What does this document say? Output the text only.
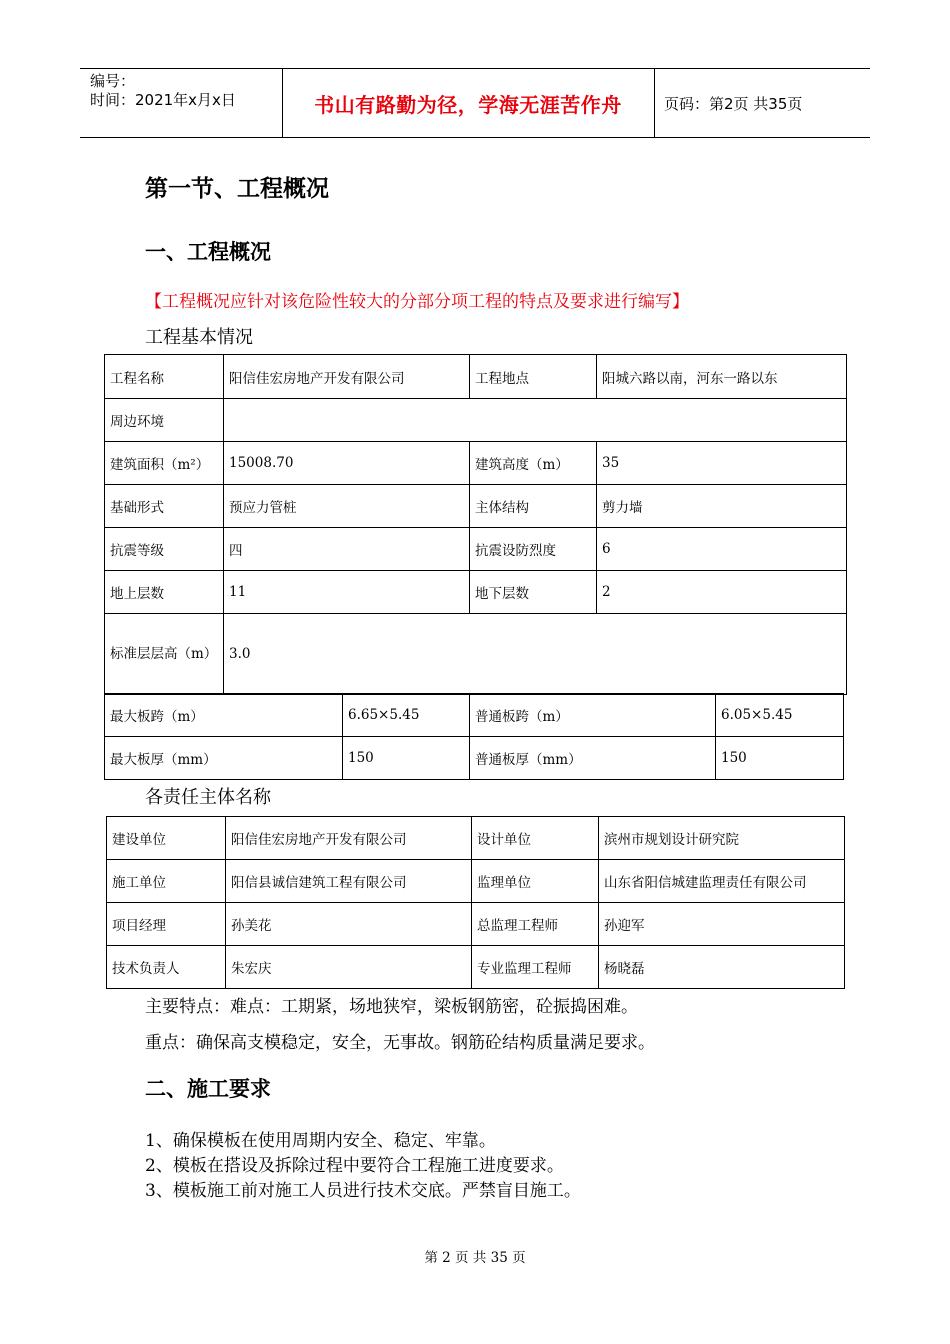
编号：
时间：2021年x月x日	书山有路勤为径，学海无涯苦作舟	页码：第2页 共35页
第一节、工程概况
一、工程概况
【工程概况应针对该危险性较大的分部分项工程的特点及要求进行编写】
工程基本情况
工程名称	阳信佳宏房地产开发有限公司	工程地点	阳城六路以南，河东一路以东
周边环境			
建筑面积（m²）	15008.70	建筑高度（m）	35
基础形式	预应力管桩	主体结构	剪力墙
抗震等级	四	抗震设防烈度	6
地上层数	11	地下层数	2
标准层层高（m）	3.0		
最大板跨（m）	6.65×5.45	普通板跨（m）	6.05×5.45
最大板厚（mm）	150	普通板厚（mm）	150
各责任主体名称
建设单位	阳信佳宏房地产开发有限公司	设计单位	滨州市规划设计研究院
施工单位	阳信县诚信建筑工程有限公司	监理单位	山东省阳信城建监理责任有限公司
项目经理	孙美花	总监理工程师	孙迎军
技术负责人	朱宏庆	专业监理工程师	杨晓磊
主要特点：难点：工期紧，场地狭窄，梁板钢筋密，砼振捣困难。
重点：确保高支模稳定，安全，无事故。钢筋砼结构质量满足要求。
二、施工要求
1、确保模板在使用周期内安全、稳定、牢靠。
2、模板在搭设及拆除过程中要符合工程施工进度要求。
3、模板施工前对施工人员进行技术交底。严禁盲目施工。
第 2 页 共 35 页
